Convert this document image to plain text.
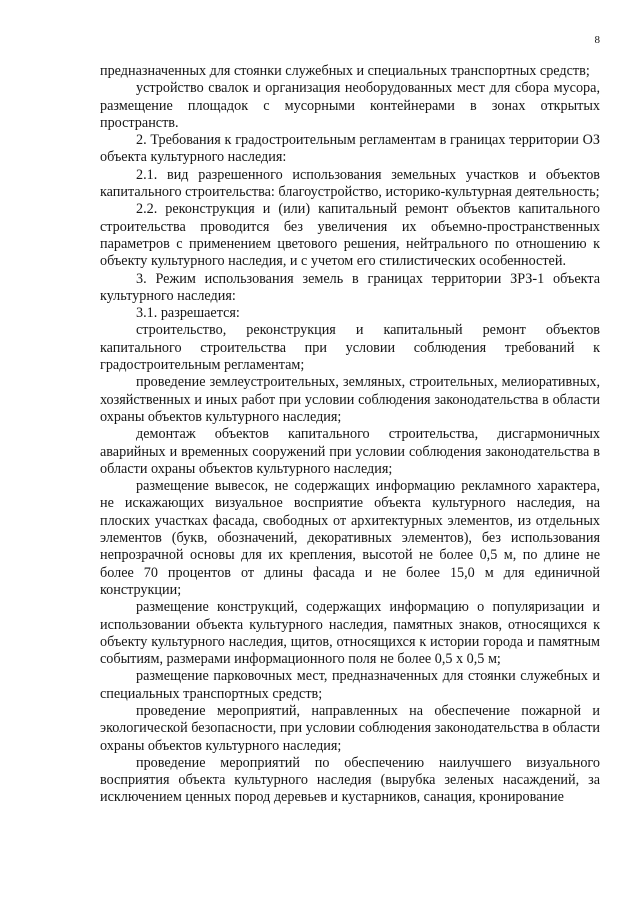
8

предназначенных для стоянки служебных и специальных транспортных средств;

устройство свалок и организация необорудованных мест для сбора мусора, размещение площадок с мусорными контейнерами в зонах открытых пространств.

2. Требования к градостроительным регламентам в границах территории ОЗ объекта культурного наследия:

2.1. вид разрешенного использования земельных участков и объектов капитального строительства: благоустройство, историко-культурная деятельность;

2.2. реконструкция и (или) капитальный ремонт объектов капитального строительства проводится без увеличения их объемно-пространственных параметров с применением цветового решения, нейтрального по отношению к объекту культурного наследия, и с учетом его стилистических особенностей.

3. Режим использования земель в границах территории ЗРЗ-1 объекта культурного наследия:

3.1. разрешается:

строительство, реконструкция и капитальный ремонт объектов капитального строительства при условии соблюдения требований к градостроительным регламентам;

проведение землеустроительных, земляных, строительных, мелиоративных, хозяйственных и иных работ при условии соблюдения законодательства в области охраны объектов культурного наследия;

демонтаж объектов капитального строительства, дисгармоничных аварийных и временных сооружений при условии соблюдения законодательства в области охраны объектов культурного наследия;

размещение вывесок, не содержащих информацию рекламного характера, не искажающих визуальное восприятие объекта культурного наследия, на плоских участках фасада, свободных от архитектурных элементов, из отдельных элементов (букв, обозначений, декоративных элементов), без использования непрозрачной основы для их крепления, высотой не более 0,5 м, по длине не более 70 процентов от длины фасада и не более 15,0 м для единичной конструкции;

размещение конструкций, содержащих информацию о популяризации и использовании объекта культурного наследия, памятных знаков, относящихся к объекту культурного наследия, щитов, относящихся к истории города и памятным событиям, размерами информационного поля не более 0,5 х 0,5 м;

размещение парковочных мест, предназначенных для стоянки служебных и специальных транспортных средств;

проведение мероприятий, направленных на обеспечение пожарной и экологической безопасности, при условии соблюдения законодательства в области охраны объектов культурного наследия;

проведение мероприятий по обеспечению наилучшего визуального восприятия объекта культурного наследия (вырубка зеленых насаждений, за исключением ценных пород деревьев и кустарников, санация, кронирование
